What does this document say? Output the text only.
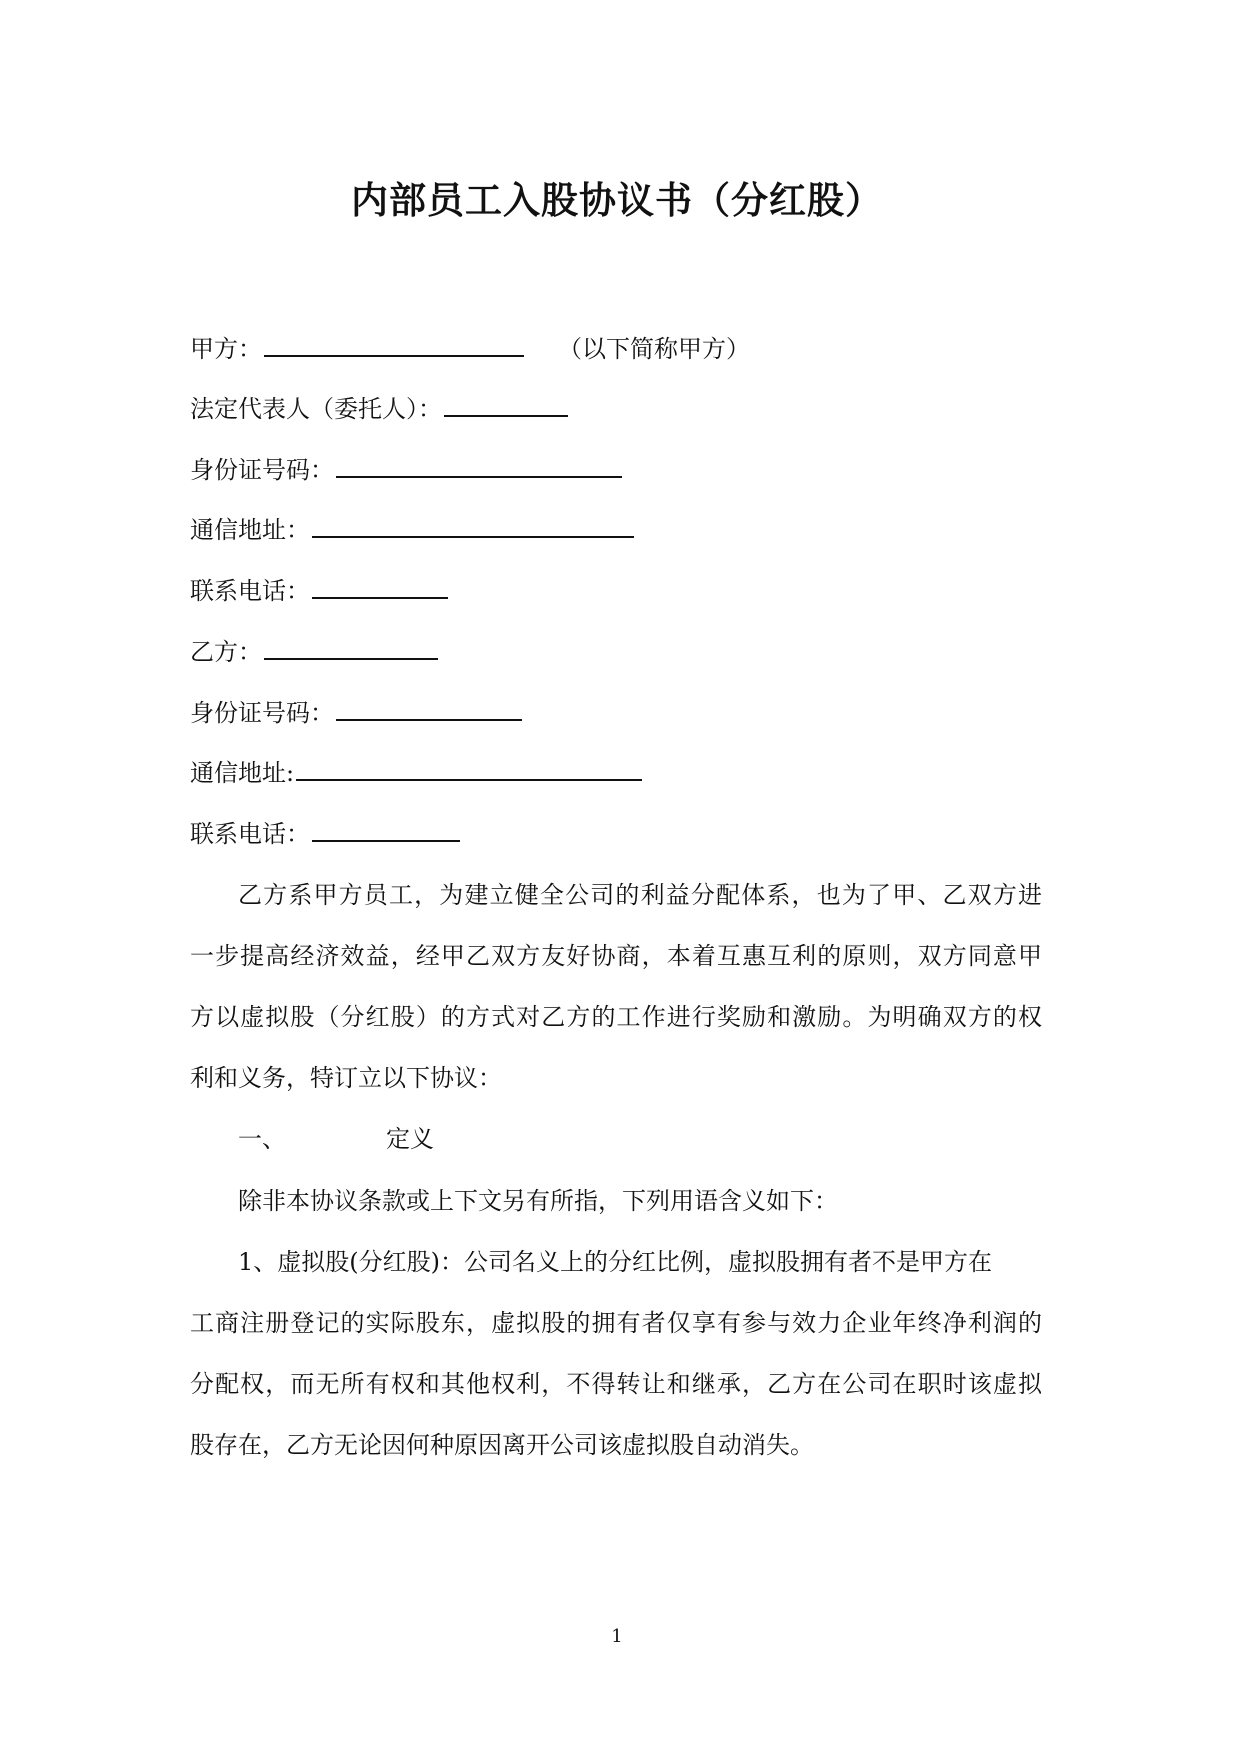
内部员工入股协议书（分红股）
甲方：	（以下简称甲方）
法定代表人（委托人）：
身份证号码：
通信地址：
联系电话：
乙方：
身份证号码：
通信地址:
联系电话：
乙方系甲方员工，为建立健全公司的利益分配体系，也为了甲、乙双方进
一步提高经济效益，经甲乙双方友好协商，本着互惠互利的原则，双方同意甲
方以虚拟股（分红股）的方式对乙方的工作进行奖励和激励。为明确双方的权
利和义务，特订立以下协议：
一、	定义
除非本协议条款或上下文另有所指，下列用语含义如下：
1、虚拟股(分红股)：公司名义上的分红比例，虚拟股拥有者不是甲方在
工商注册登记的实际股东，虚拟股的拥有者仅享有参与效力企业年终净利润的
分配权，而无所有权和其他权利，不得转让和继承，乙方在公司在职时该虚拟
股存在，乙方无论因何种原因离开公司该虚拟股自动消失。
1
